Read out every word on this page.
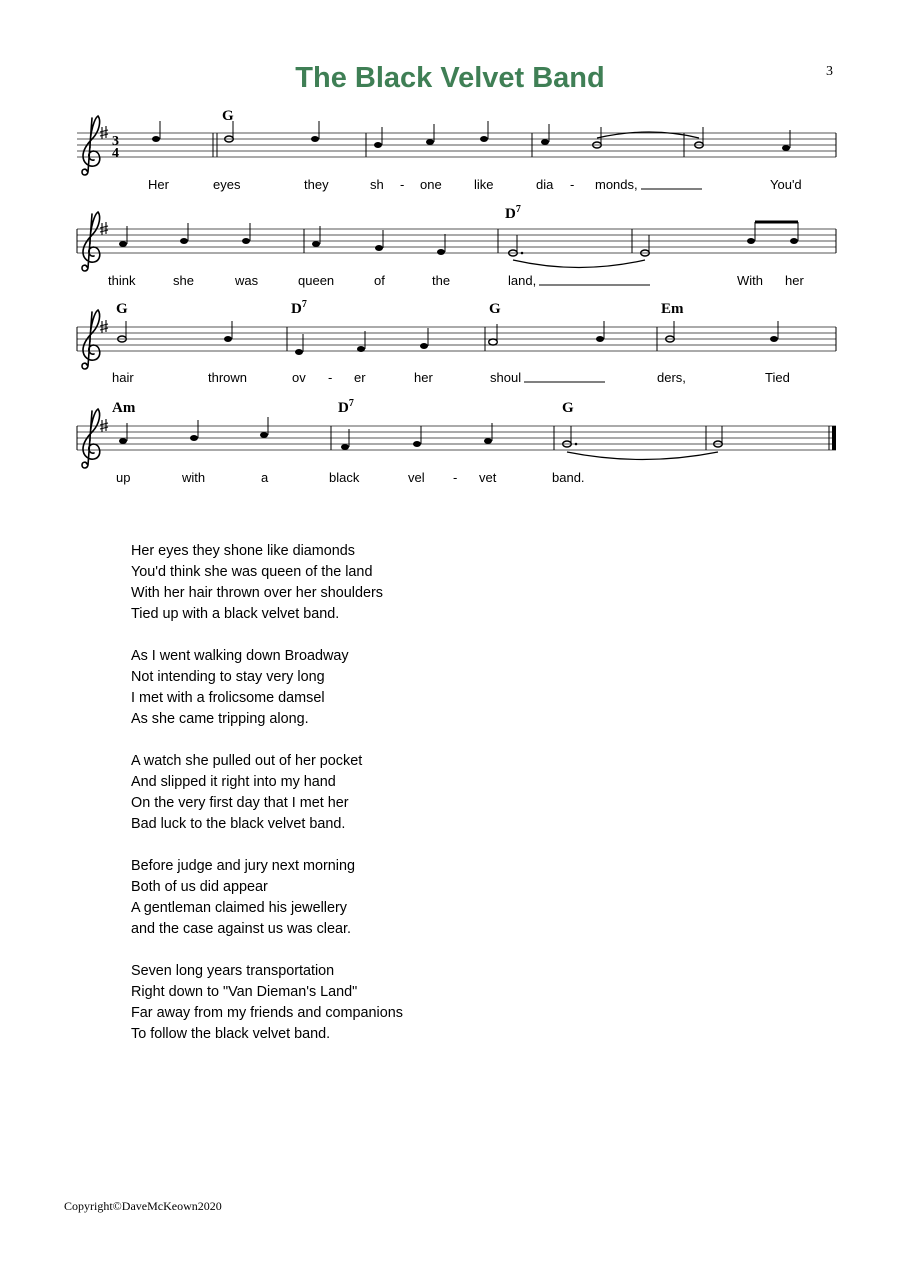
The Black Velvet Band	3
3
4
G
Her	eyes	they	sh - one like	dia - monds,	You'd
$D^7$
think	she	was	queen	of	the	land,	With her
G	$D^7$	G	Em
hair	thrown	ov - er	her	shoul	ders,	Tied
Am	$D^7$	G
up	with	a	black	vel - vet	band.
Her eyes they shone like diamonds
You'd think she was queen of the land
With her hair thrown over her shoulders
Tied up with a black velvet band.
As I went walking down Broadway
Not intending to stay very long
I met with a frolicsome damsel
As she came tripping along.
A watch she pulled out of her pocket
And slipped it right into my hand
On the very first day that I met her
Bad luck to the black velvet band.
Before judge and jury next morning
Both of us did appear
A gentleman claimed his jewellery
and the case against us was clear.
Seven long years transportation
Right down to "Van Dieman's Land"
Far away from my friends and companions
To follow the black velvet band.
Copyright©DaveMcKeown2020
